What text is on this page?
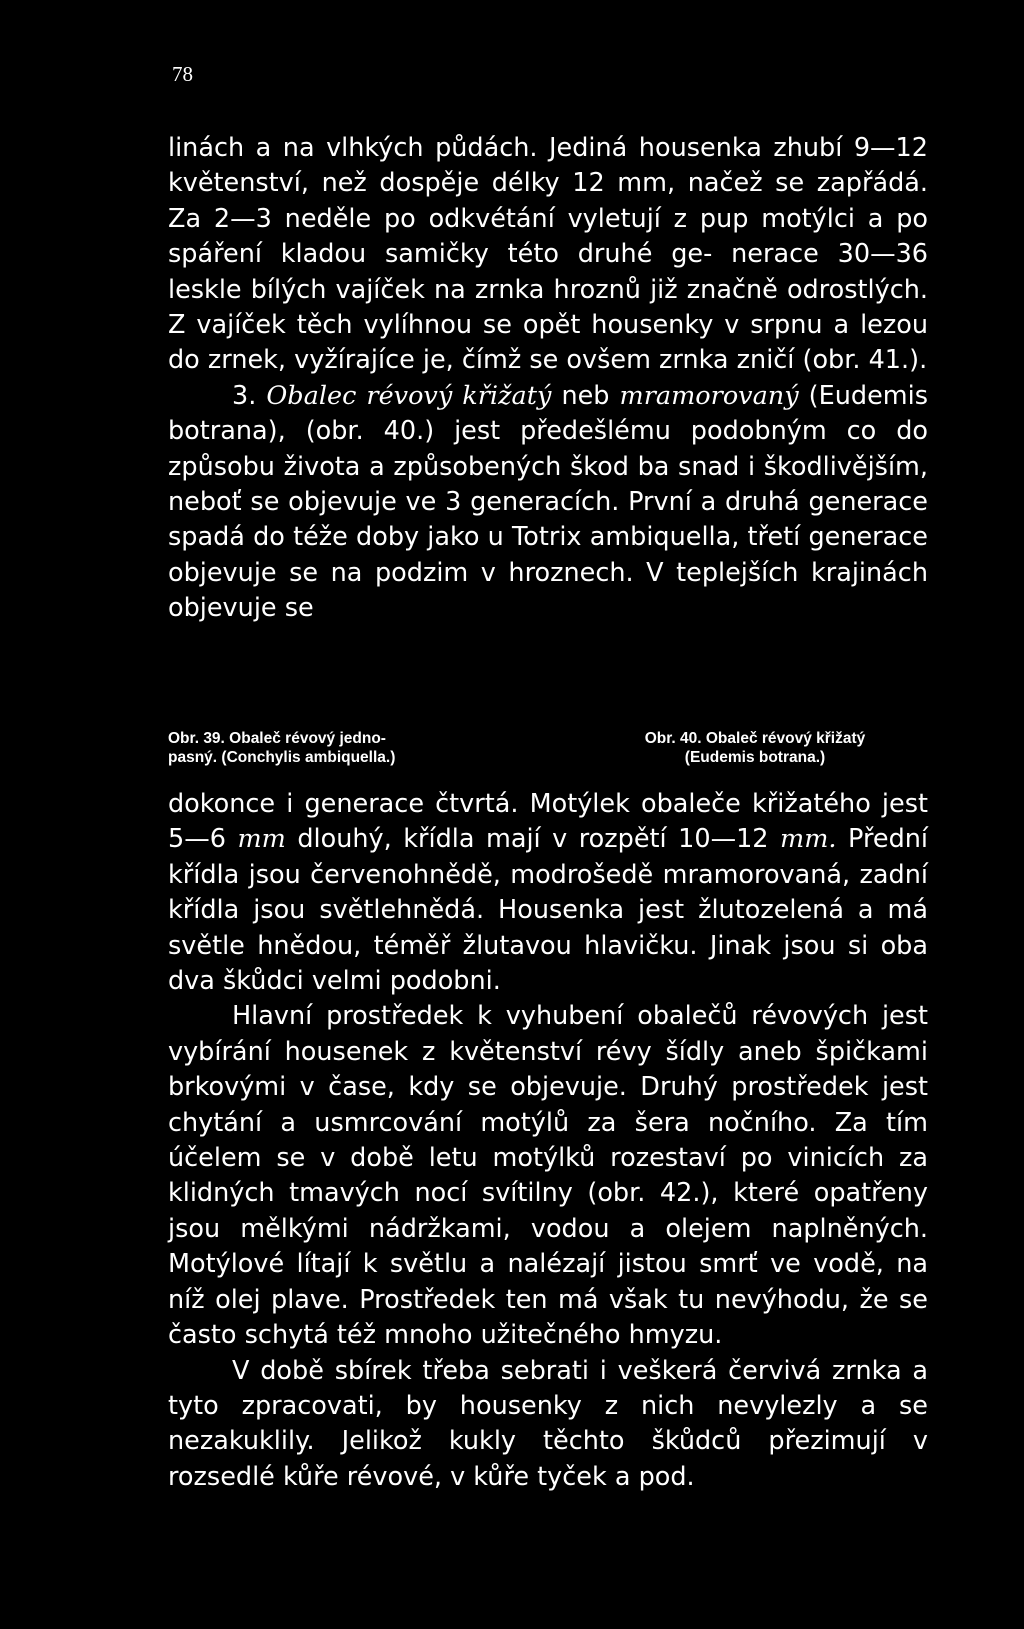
78

linách a na vlhkých půdách. Jediná housenka zhubí 9—12 květenství, než dospěje délky 12 mm, načež se zapřádá. Za 2—3 neděle po odkvétání vyletují z pup motýlci a po spáření kladou samičky této druhé ge- nerace 30—36 leskle bílých vajíček na zrnka hroznů již značně odrostlých. Z vajíček těch vylíhnou se opět housenky v srpnu a lezou do zrnek, vyžírajíce je, čímž se ovšem zrnka zničí (obr. 41.).

3. Obalec révový křižatý neb mramorovaný (Eudemis botrana), (obr. 40.) jest předešlému podobným co do způsobu života a způsobených škod ba snad i škodlivějším, neboť se objevuje ve 3 generacích. První a druhá generace spadá do téže doby jako u Totrix ambiquella, třetí generace objevuje se na podzim v hroznech. V teplejších krajinách objevuje se

Obr. 39. Obaleč révový jedno-
pasný. (Conchylis ambiquella.)
Obr. 40. Obaleč révový křižatý
(Eudemis botrana.)

dokonce i generace čtvrtá. Motýlek obaleče křižatého jest 5—6 mm dlouhý, křídla mají v rozpětí 10—12 mm. Přední křídla jsou červenohnědě, modrošedě mramorovaná, zadní křídla jsou světlehnědá. Housenka jest žlutozelená a má světle hnědou, téměř žlutavou hlavičku. Jinak jsou si oba dva škůdci velmi podobni.

Hlavní prostředek k vyhubení obalečů révových jest vybírání housenek z květenství révy šídly aneb špičkami brkovými v čase, kdy se objevuje. Druhý prostředek jest chytání a usmrcování motýlů za šera nočního. Za tím účelem se v době letu motýlků rozestaví po vinicích za klidných tmavých nocí svítilny (obr. 42.), které opatřeny jsou mělkými nádržkami, vodou a olejem naplněných. Motýlové lítají k světlu a nalézají jistou smrť ve vodě, na níž olej plave. Prostředek ten má však tu nevýhodu, že se často schytá též mnoho užitečného hmyzu.

V době sbírek třeba sebrati i veškerá červivá zrnka a tyto zpracovati, by housenky z nich nevylezly a se nezakuklily. Jelikož kukly těchto škůdců přezimují v rozsedlé kůře révové, v kůře tyček a pod.
